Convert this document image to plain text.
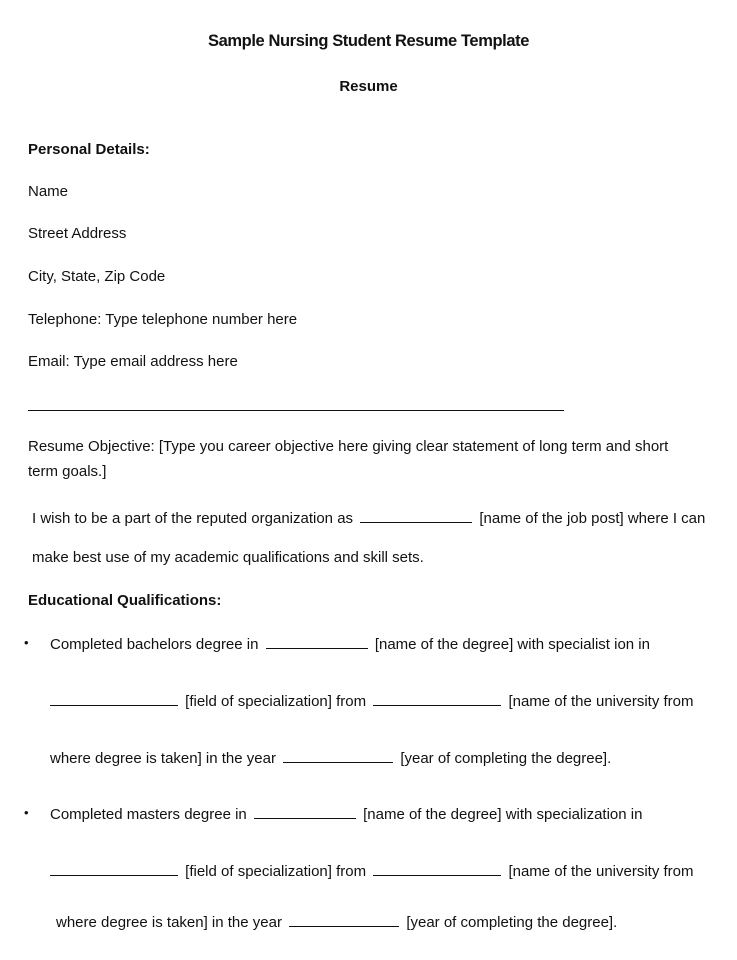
Sample Nursing Student Resume Template
Resume
Personal Details:
Name
Street Address
City, State, Zip Code
Telephone: Type telephone number here
Email: Type email address here
Resume Objective: [Type you career objective here giving clear statement of long term and short
term goals.]
I wish to be a part of the reputed organization as	[name of the job post] where I can
make best use of my academic qualifications and skill sets.
Educational Qualifications:
• Completed bachelors degree in	[name of the degree] with specialist ion in
[field of specialization] from	[name of the university from
where degree is taken] in the year	[year of completing the degree].
• Completed masters degree in	[name of the degree] with specialization in
[field of specialization] from	[name of the university from
where degree is taken] in the year	[year of completing the degree].
